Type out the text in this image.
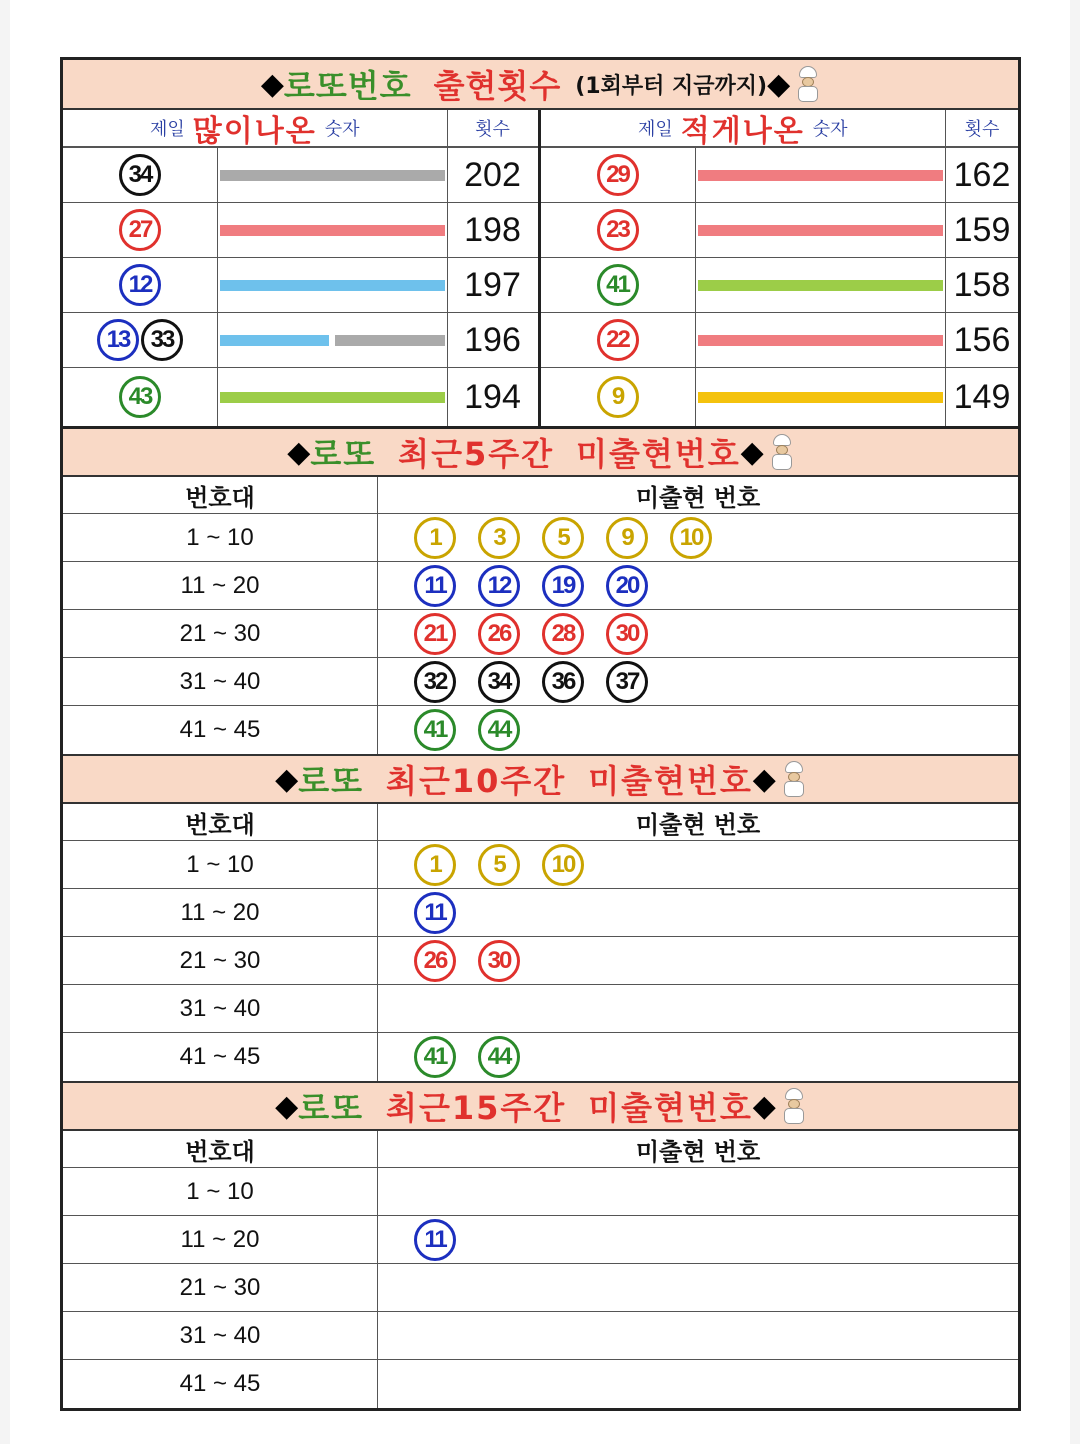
◆ 로또번호 출현횟수 (1회부터 지금까지) ◆
제일 많이나온 숫자	횟수
34	202
27	198
12	197
13 33	196
43	194
제일 적게나온 숫자	횟수
29	162
23	159
41	158
22	156
9	149
◆ 로또 최근5주간 미출현번호 ◆
번호대	미출현 번호
1 ~ 10	1	3	5	9	10
11 ~ 20	11	12	19	20
21 ~ 30	21	26	28	30
31 ~ 40	32	34	36	37
41 ~ 45	41	44
◆ 로또 최근10주간 미출현번호 ◆
번호대	미출현 번호
1 ~ 10	1	5	10
11 ~ 20	11
21 ~ 30	26	30
31 ~ 40
41 ~ 45	41	44
◆ 로또 최근15주간 미출현번호 ◆
번호대	미출현 번호
1 ~ 10
11 ~ 20	11
21 ~ 30
31 ~ 40
41 ~ 45
